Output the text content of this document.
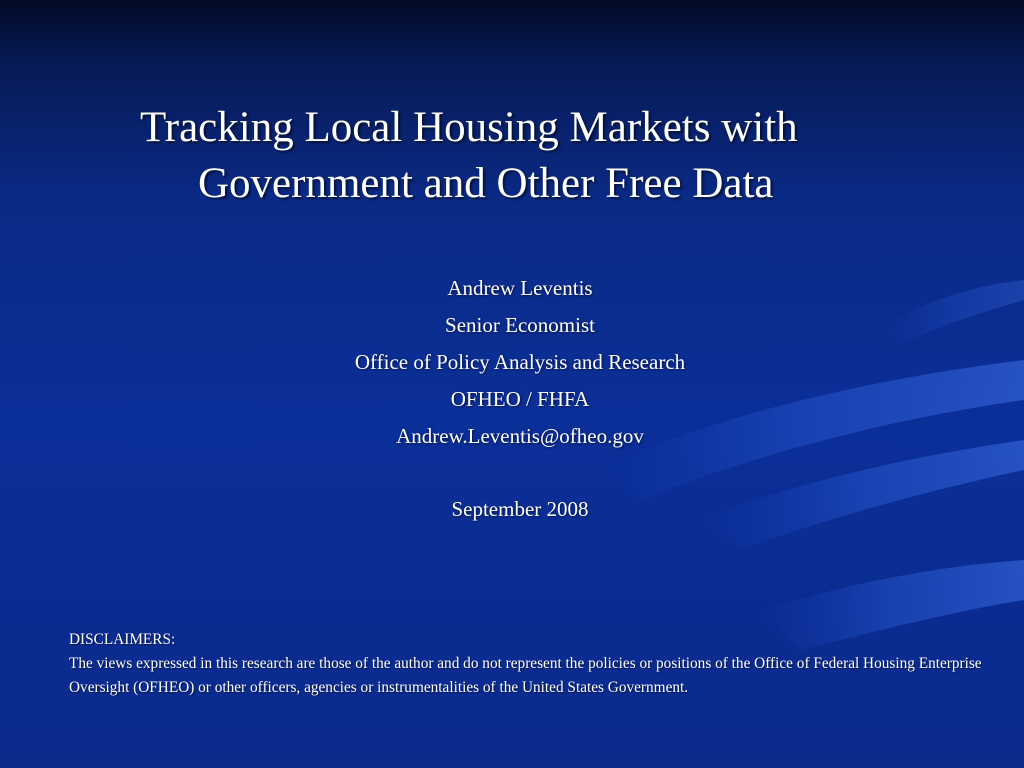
Tracking Local Housing Markets with
Government and Other Free Data
Andrew Leventis
Senior Economist
Office of Policy Analysis and Research
OFHEO / FHFA
Andrew.Leventis@ofheo.gov
September 2008
DISCLAIMERS:
The views expressed in this research are those of the author and do not represent the policies or positions of the Office of Federal Housing Enterprise Oversight (OFHEO) or other officers, agencies or instrumentalities of the United States Government.
